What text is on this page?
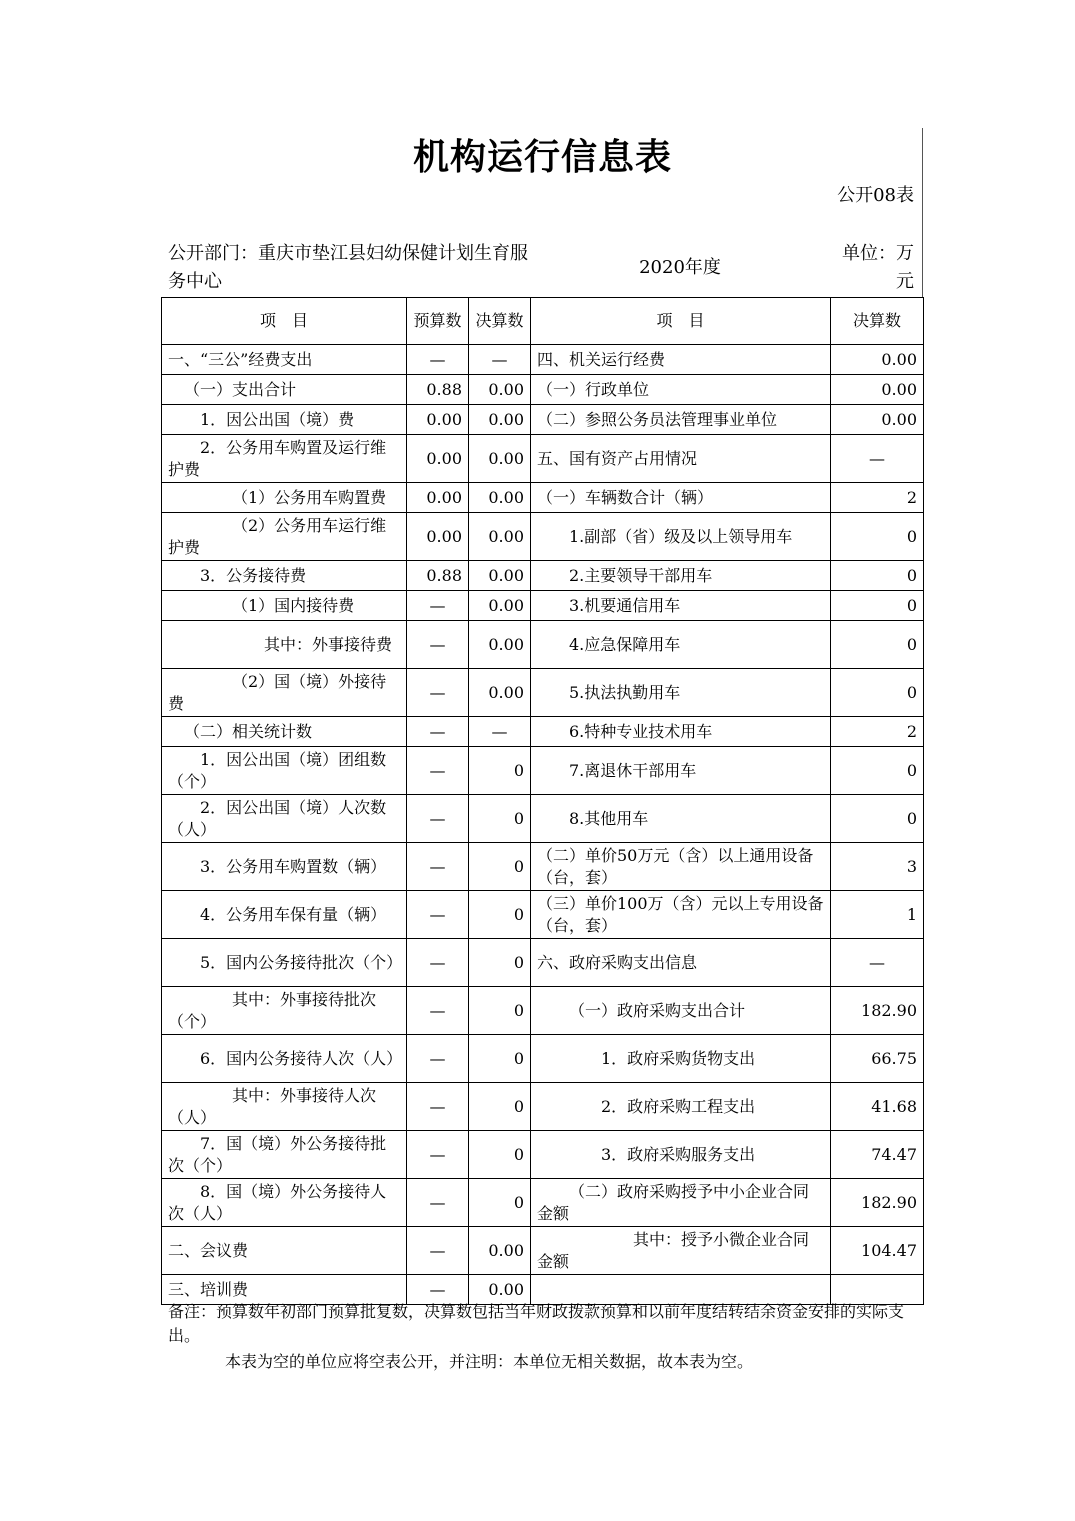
机构运行信息表
公开08表
公开部门：重庆市垫江县妇幼保健计划生育服务中心
2020年度
单位：万元
项　目	预算数	决算数	项　目	决算数
一、“三公”经费支出	—	—	四、机关运行经费	0.00
（一）支出合计	0.88	0.00	（一）行政单位	0.00
1．因公出国（境）费	0.00	0.00	（二）参照公务员法管理事业单位	0.00
2．公务用车购置及运行维护费	0.00	0.00	五、国有资产占用情况	—
（1）公务用车购置费	0.00	0.00	（一）车辆数合计（辆）	2
（2）公务用车运行维护费	0.00	0.00	1.副部（省）级及以上领导用车	0
3．公务接待费	0.88	0.00	2.主要领导干部用车	0
（1）国内接待费	—	0.00	3.机要通信用车	0
其中：外事接待费	—	0.00	4.应急保障用车	0
（2）国（境）外接待费	—	0.00	5.执法执勤用车	0
（二）相关统计数	—	—	6.特种专业技术用车	2
1．因公出国（境）团组数（个）	—	0	7.离退休干部用车	0
2．因公出国（境）人次数（人）	—	0	8.其他用车	0
3．公务用车购置数（辆）	—	0	（二）单价50万元（含）以上通用设备（台，套）	3
4．公务用车保有量（辆）	—	0	（三）单价100万（含）元以上专用设备（台，套）	1
5．国内公务接待批次（个）	—	0	六、政府采购支出信息	—
其中：外事接待批次（个）	—	0	（一）政府采购支出合计	182.90
6．国内公务接待人次（人）	—	0	1．政府采购货物支出	66.75
其中：外事接待人次（人）	—	0	2．政府采购工程支出	41.68
7．国（境）外公务接待批次（个）	—	0	3．政府采购服务支出	74.47
8．国（境）外公务接待人次（人）	—	0	（二）政府采购授予中小企业合同金额	182.90
二、会议费	—	0.00	其中：授予小微企业合同金额	104.47
三、培训费	—	0.00		
备注：预算数年初部门预算批复数，决算数包括当年财政拨款预算和以前年度结转结余资金安排的实际支出。
本表为空的单位应将空表公开，并注明：本单位无相关数据，故本表为空。
